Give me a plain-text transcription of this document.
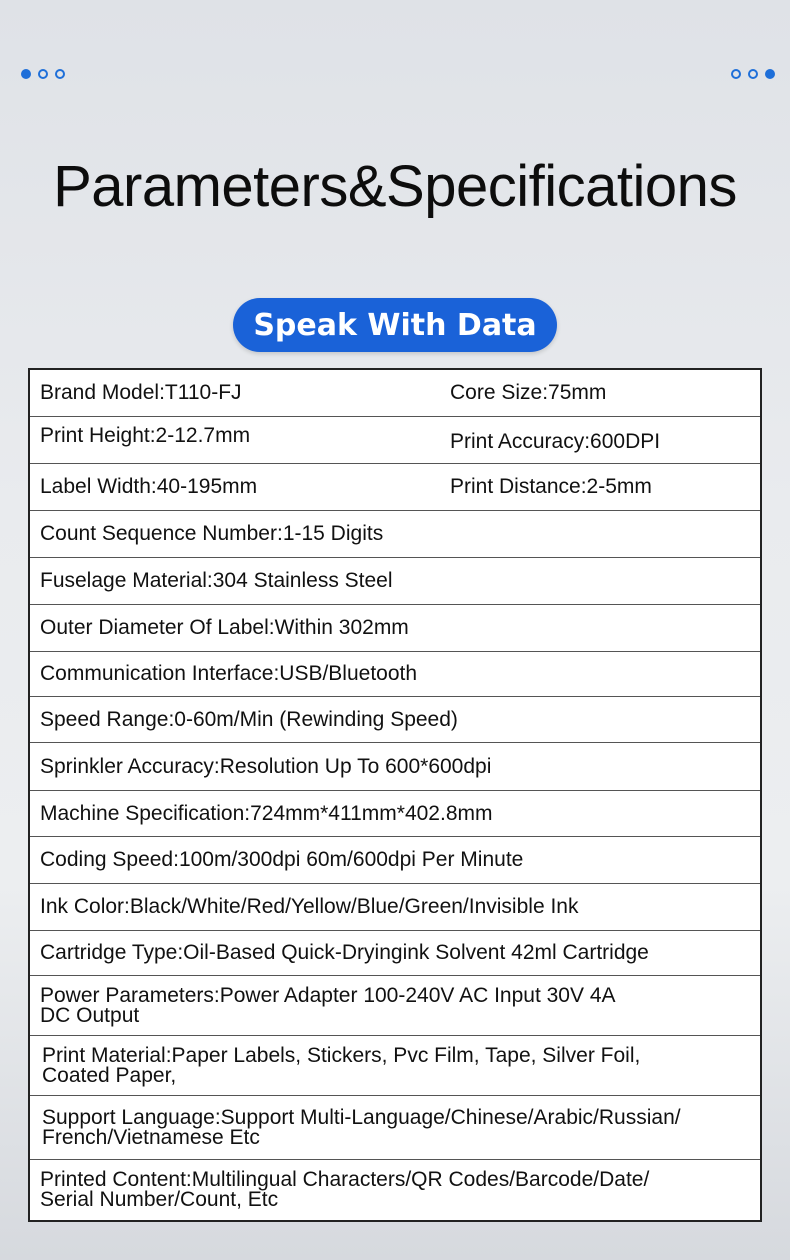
Parameters&Specifications
Speak With Data
Brand Model:T110-FJ	Core Size:75mm
Print Height:2-12.7mm	Print Accuracy:600DPI
Label Width:40-195mm	Print Distance:2-5mm
Count Sequence Number:1-15 Digits
Fuselage Material:304 Stainless Steel
Outer Diameter Of Label:Within 302mm
Communication Interface:USB/Bluetooth
Speed Range:0-60m/Min (Rewinding Speed)
Sprinkler Accuracy:Resolution Up To 600*600dpi
Machine Specification:724mm*411mm*402.8mm
Coding Speed:100m/300dpi 60m/600dpi Per Minute
Ink Color:Black/White/Red/Yellow/Blue/Green/Invisible Ink
Cartridge Type:Oil-Based Quick-Dryingink Solvent 42ml Cartridge
Power Parameters:Power Adapter 100-240V AC Input 30V 4A
DC Output
Print Material:Paper Labels, Stickers, Pvc Film, Tape, Silver Foil,
Coated Paper,
Support Language:Support Multi-Language/Chinese/Arabic/Russian/
French/Vietnamese Etc
Printed Content:Multilingual Characters/QR Codes/Barcode/Date/
Serial Number/Count, Etc
